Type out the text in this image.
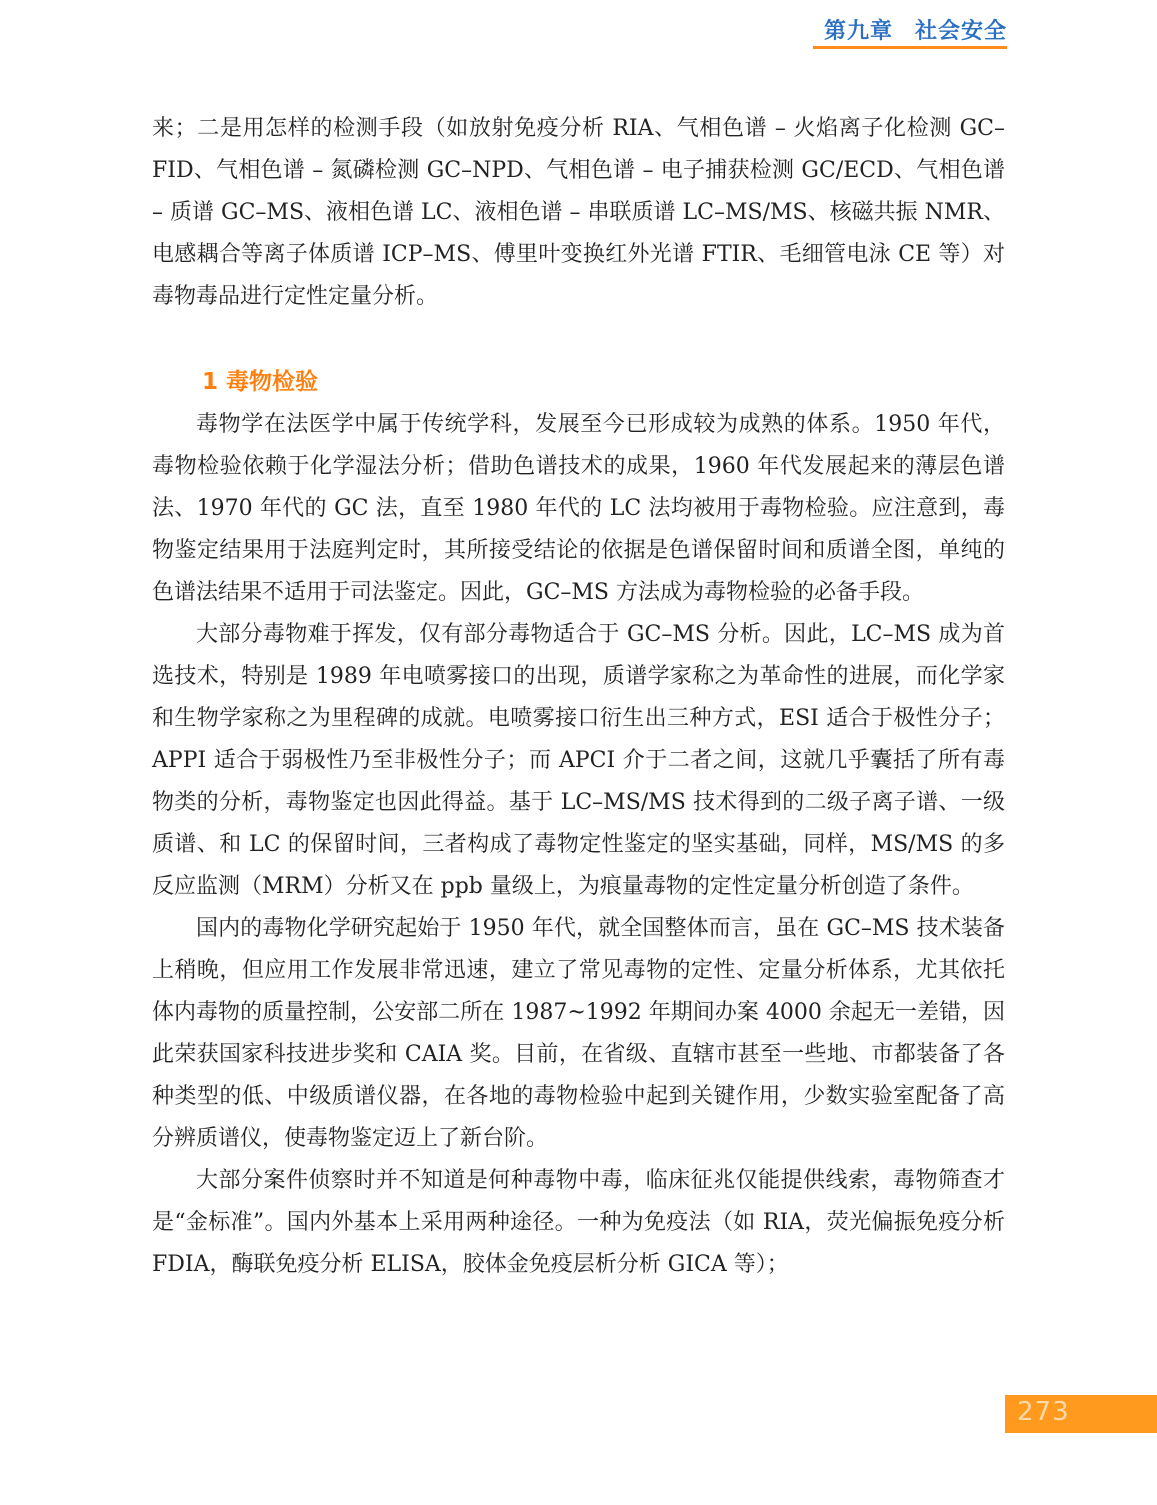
第九章 社会安全

来；二是用怎样的检测手段（如放射免疫分析 RIA、气相色谱 – 火焰离子化检测 GC–FID、气相色谱 – 氮磷检测 GC–NPD、气相色谱 – 电子捕获检测 GC/ECD、气相色谱 – 质谱 GC–MS、液相色谱 LC、液相色谱 – 串联质谱 LC–MS/MS、核磁共振 NMR、电感耦合等离子体质谱 ICP–MS、傅里叶变换红外光谱 FTIR、毛细管电泳 CE 等）对毒物毒品进行定性定量分析。

1 毒物检验

毒物学在法医学中属于传统学科，发展至今已形成较为成熟的体系。1950 年代，毒物检验依赖于化学湿法分析；借助色谱技术的成果，1960 年代发展起来的薄层色谱法、1970 年代的 GC 法，直至 1980 年代的 LC 法均被用于毒物检验。应注意到，毒物鉴定结果用于法庭判定时，其所接受结论的依据是色谱保留时间和质谱全图，单纯的色谱法结果不适用于司法鉴定。因此，GC–MS 方法成为毒物检验的必备手段。

大部分毒物难于挥发，仅有部分毒物适合于 GC–MS 分析。因此，LC–MS 成为首选技术，特别是 1989 年电喷雾接口的出现，质谱学家称之为革命性的进展，而化学家和生物学家称之为里程碑的成就。电喷雾接口衍生出三种方式，ESI 适合于极性分子；APPI 适合于弱极性乃至非极性分子；而 APCI 介于二者之间，这就几乎囊括了所有毒物类的分析，毒物鉴定也因此得益。基于 LC–MS/MS 技术得到的二级子离子谱、一级质谱、和 LC 的保留时间，三者构成了毒物定性鉴定的坚实基础，同样，MS/MS 的多反应监测（MRM）分析又在 ppb 量级上，为痕量毒物的定性定量分析创造了条件。

国内的毒物化学研究起始于 1950 年代，就全国整体而言，虽在 GC–MS 技术装备上稍晚，但应用工作发展非常迅速，建立了常见毒物的定性、定量分析体系，尤其依托体内毒物的质量控制，公安部二所在 1987~1992 年期间办案 4000 余起无一差错，因此荣获国家科技进步奖和 CAIA 奖。目前，在省级、直辖市甚至一些地、市都装备了各种类型的低、中级质谱仪器，在各地的毒物检验中起到关键作用，少数实验室配备了高分辨质谱仪，使毒物鉴定迈上了新台阶。

大部分案件侦察时并不知道是何种毒物中毒，临床征兆仅能提供线索，毒物筛查才是“金标准”。国内外基本上采用两种途径。一种为免疫法（如 RIA，荧光偏振免疫分析 FDIA，酶联免疫分析 ELISA，胶体金免疫层析分析 GICA 等）；

273
